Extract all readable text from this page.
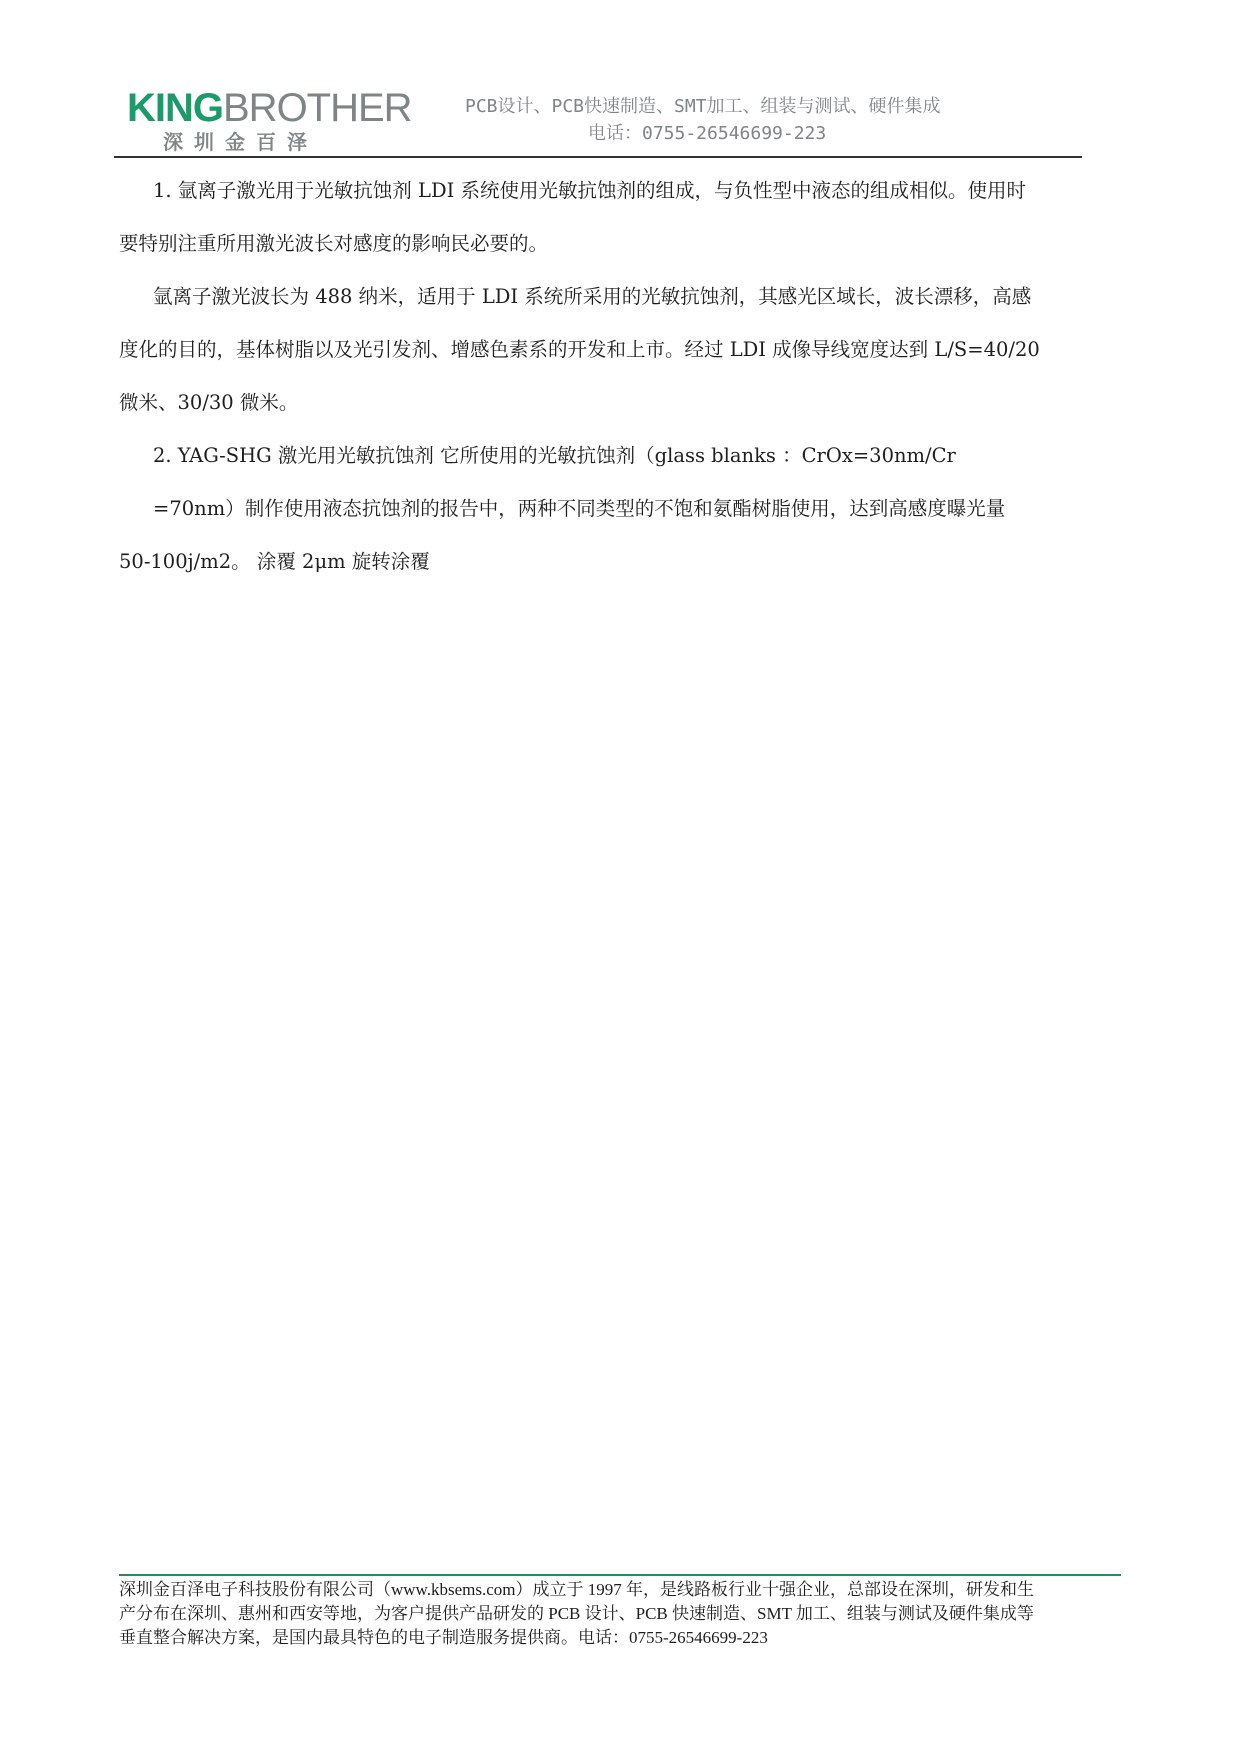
KINGBROTHER
深圳金百泽
PCB设计、PCB快速制造、SMT加工、组装与测试、硬件集成
电话：0755-26546699-223

1. 氩离子激光用于光敏抗蚀剂 LDI 系统使用光敏抗蚀剂的组成，与负性型中液态的组成相似。使用时

要特别注重所用激光波长对感度的影响民必要的。

氩离子激光波长为 488 纳米，适用于 LDI 系统所采用的光敏抗蚀剂，其感光区域长，波长漂移，高感

度化的目的，基体树脂以及光引发剂、增感色素系的开发和上市。经过 LDI 成像导线宽度达到 L/S=40/20

微米、30/30 微米。

2. YAG-SHG 激光用光敏抗蚀剂 它所使用的光敏抗蚀剂（glass blanks ：CrOx=30nm/Cr

=70nm）制作使用液态抗蚀剂的报告中，两种不同类型的不饱和氨酯树脂使用，达到高感度曝光量

50-100j/m2。 涂覆 2μm 旋转涂覆

深圳金百泽电子科技股份有限公司（www.kbsems.com）成立于 1997 年，是线路板行业十强企业，总部设在深圳，研发和生
产分布在深圳、惠州和西安等地，为客户提供产品研发的 PCB 设计、PCB 快速制造、SMT 加工、组装与测试及硬件集成等
垂直整合解决方案，是国内最具特色的电子制造服务提供商。电话：0755-26546699-223
